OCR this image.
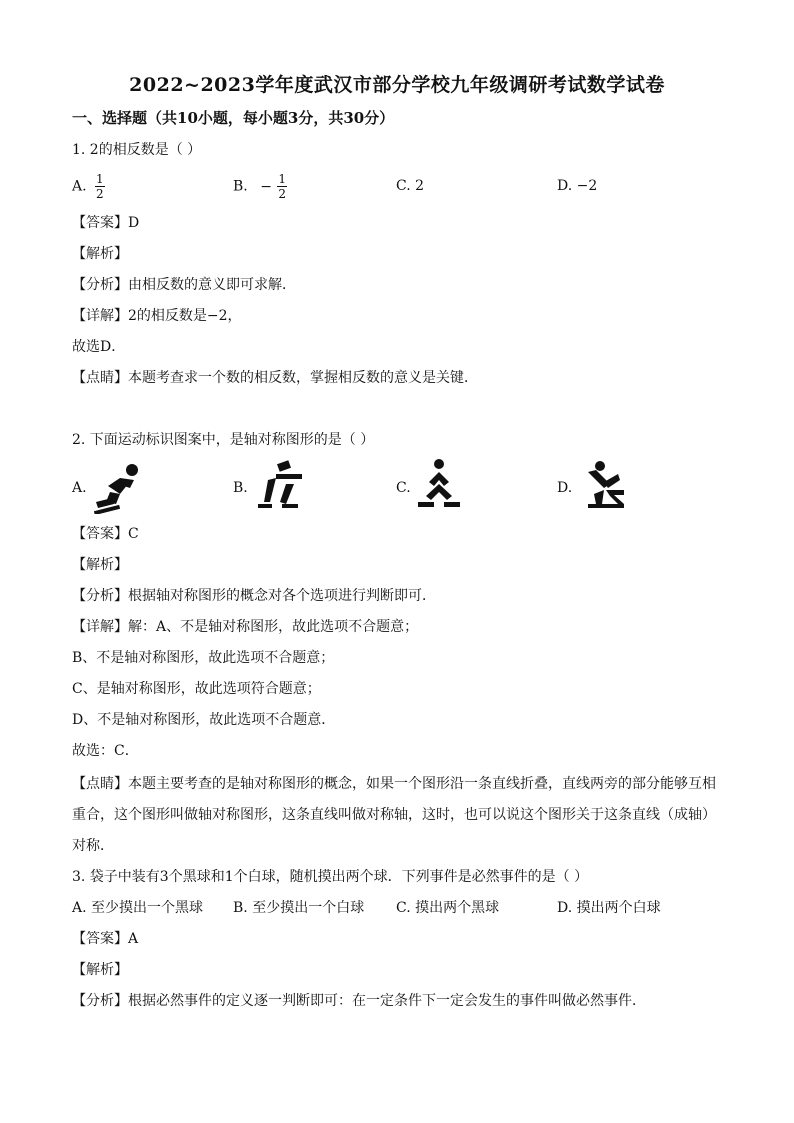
2022~2023学年度武汉市部分学校九年级调研考试数学试卷
一、选择题（共10小题，每小题3分，共30分）
1. 2的相反数是（ ）
A. $\frac{1}{2}$	B. − $\frac{1}{2}$	C. 2	D. −2
【答案】D
【解析】
【分析】由相反数的意义即可求解．
【详解】2的相反数是−2，
故选D．
【点睛】本题考查求一个数的相反数，掌握相反数的意义是关键．
2. 下面运动标识图案中，是轴对称图形的是（ ）
A.	B.	C.	D.
【答案】C
【解析】
【分析】根据轴对称图形的概念对各个选项进行判断即可．
【详解】解：A、不是轴对称图形，故此选项不合题意；
B、不是轴对称图形，故此选项不合题意；
C、是轴对称图形，故此选项符合题意；
D、不是轴对称图形，故此选项不合题意．
故选：C．
【点睛】本题主要考查的是轴对称图形的概念，如果一个图形沿一条直线折叠，直线两旁的部分能够互相
重合，这个图形叫做轴对称图形，这条直线叫做对称轴，这时，也可以说这个图形关于这条直线（成轴）
对称．
3. 袋子中装有3个黑球和1个白球，随机摸出两个球．下列事件是必然事件的是（ ）
A. 至少摸出一个黑球 B. 至少摸出一个白球 C. 摸出两个黑球	D. 摸出两个白球
【答案】A
【解析】
【分析】根据必然事件的定义逐一判断即可：在一定条件下一定会发生的事件叫做必然事件．
